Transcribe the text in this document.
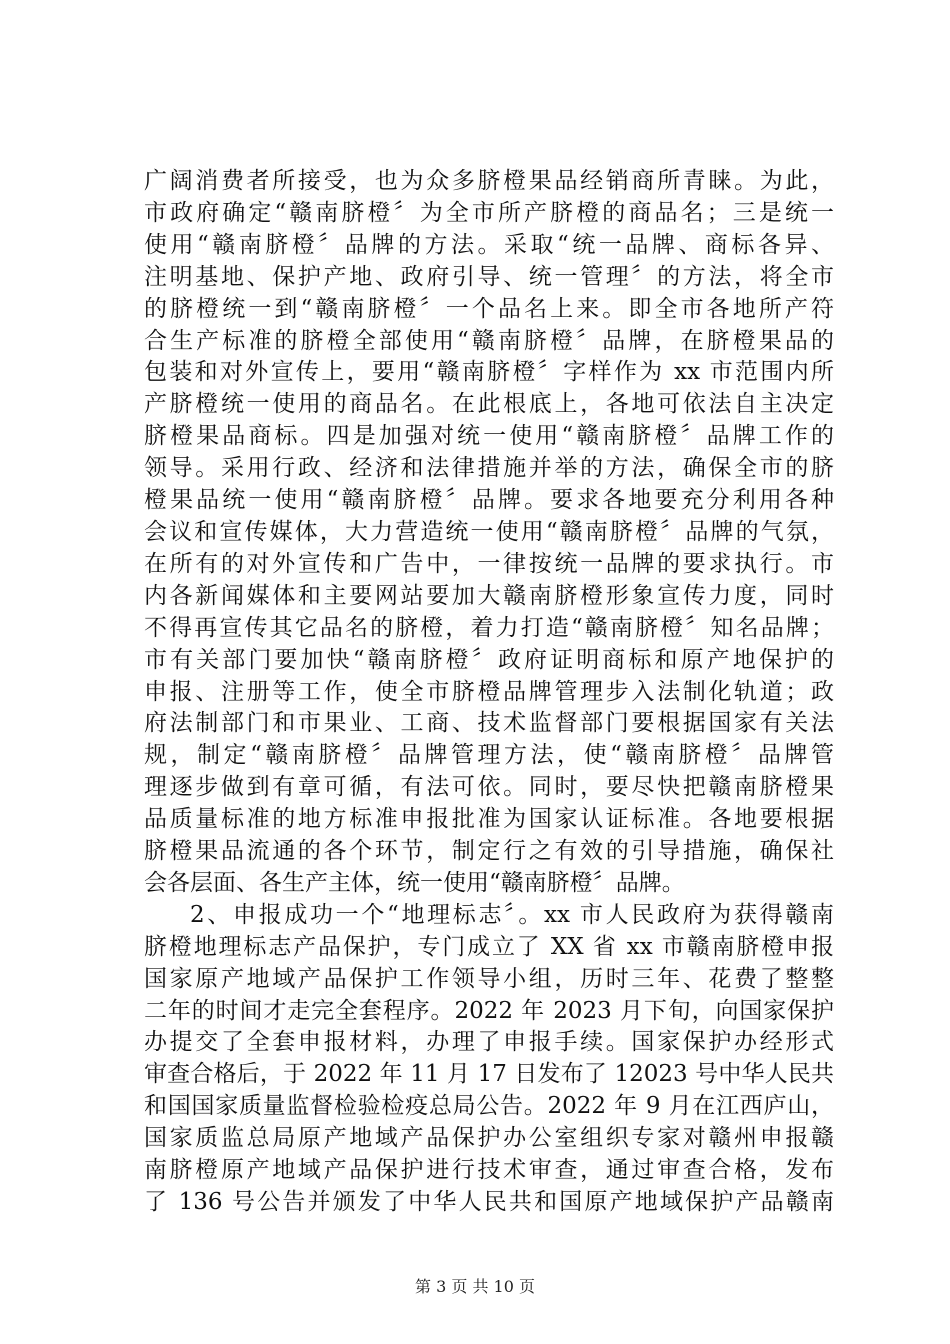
广阔消费者所接受，也为众多脐橙果品经销商所青睐。为此，
市政府确定“赣南脐橙〞为全市所产脐橙的商品名；三是统一
使用“赣南脐橙〞品牌的方法。采取“统一品牌、商标各异、
注明基地、保护产地、政府引导、统一管理〞的方法，将全市
的脐橙统一到“赣南脐橙〞一个品名上来。即全市各地所产符
合生产标准的脐橙全部使用“赣南脐橙〞品牌，在脐橙果品的
包装和对外宣传上，要用“赣南脐橙〞字样作为 xx 市范围内所
产脐橙统一使用的商品名。在此根底上，各地可依法自主决定
脐橙果品商标。四是加强对统一使用“赣南脐橙〞品牌工作的
领导。采用行政、经济和法律措施并举的方法，确保全市的脐
橙果品统一使用“赣南脐橙〞品牌。要求各地要充分利用各种
会议和宣传媒体，大力营造统一使用“赣南脐橙〞品牌的气氛，
在所有的对外宣传和广告中，一律按统一品牌的要求执行。市
内各新闻媒体和主要网站要加大赣南脐橙形象宣传力度，同时
不得再宣传其它品名的脐橙，着力打造“赣南脐橙〞知名品牌；
市有关部门要加快“赣南脐橙〞政府证明商标和原产地保护的
申报、注册等工作，使全市脐橙品牌管理步入法制化轨道；政
府法制部门和市果业、工商、技术监督部门要根据国家有关法
规，制定“赣南脐橙〞品牌管理方法，使“赣南脐橙〞品牌管
理逐步做到有章可循，有法可依。同时，要尽快把赣南脐橙果
品质量标准的地方标准申报批准为国家认证标准。各地要根据
脐橙果品流通的各个环节，制定行之有效的引导措施，确保社
会各层面、各生产主体，统一使用“赣南脐橙〞品牌。
2、申报成功一个“地理标志〞。xx 市人民政府为获得赣南
脐橙地理标志产品保护，专门成立了 XX 省 xx 市赣南脐橙申报
国家原产地域产品保护工作领导小组，历时三年、花费了整整
二年的时间才走完全套程序。2022 年 2023 月下旬，向国家保护
办提交了全套申报材料，办理了申报手续。国家保护办经形式
审查合格后，于 2022 年 11 月 17 日发布了 12023 号中华人民共
和国国家质量监督检验检疫总局公告。2022 年 9 月在江西庐山，
国家质监总局原产地域产品保护办公室组织专家对赣州申报赣
南脐橙原产地域产品保护进行技术审查，通过审查合格，发布
了 136 号公告并颁发了中华人民共和国原产地域保护产品赣南
第 3 页 共 10 页
